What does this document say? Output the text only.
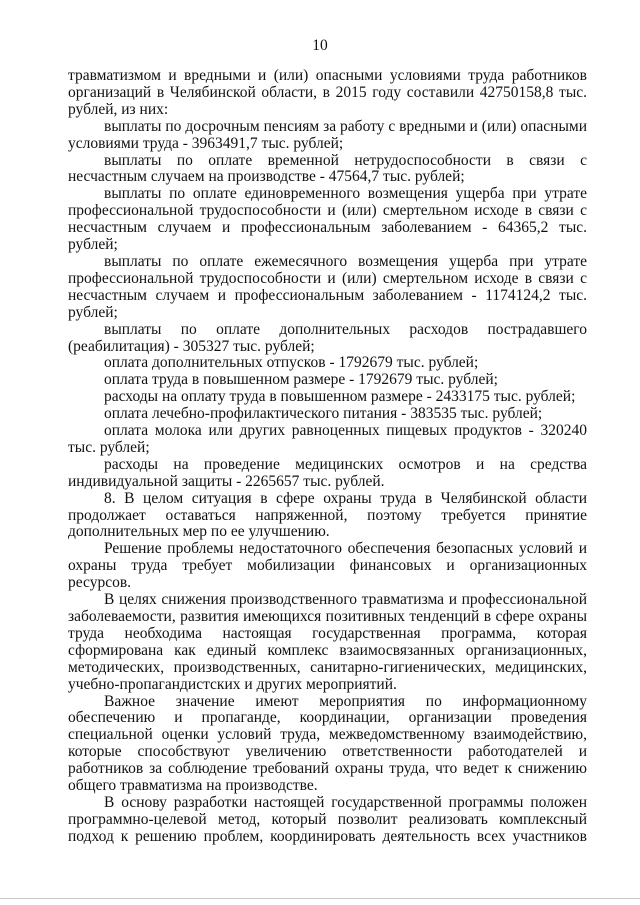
10

травматизмом и вредными и (или) опасными условиями труда работников организаций в Челябинской области, в 2015 году составили 42750158,8 тыс. рублей, из них:

выплаты по досрочным пенсиям за работу с вредными и (или) опасными условиями труда - 3963491,7 тыс. рублей;

выплаты по оплате временной нетрудоспособности в связи с несчастным случаем на производстве - 47564,7 тыс. рублей;

выплаты по оплате единовременного возмещения ущерба при утрате профессиональной трудоспособности и (или) смертельном исходе в связи с несчастным случаем и профессиональным заболеванием - 64365,2 тыс. рублей;

выплаты по оплате ежемесячного возмещения ущерба при утрате профессиональной трудоспособности и (или) смертельном исходе в связи с несчастным случаем и профессиональным заболеванием - 1174124,2 тыс. рублей;

выплаты по оплате дополнительных расходов пострадавшего (реабилитация) - 305327 тыс. рублей;

оплата дополнительных отпусков - 1792679 тыс. рублей;

оплата труда в повышенном размере - 1792679 тыс. рублей;

расходы на оплату труда в повышенном размере - 2433175 тыс. рублей;

оплата лечебно-профилактического питания - 383535 тыс. рублей;

оплата молока или других равноценных пищевых продуктов - 320240 тыс. рублей;

расходы на проведение медицинских осмотров и на средства индивидуальной защиты - 2265657 тыс. рублей.

8. В целом ситуация в сфере охраны труда в Челябинской области продолжает оставаться напряженной, поэтому требуется принятие дополнительных мер по ее улучшению.

Решение проблемы недостаточного обеспечения безопасных условий и охраны труда требует мобилизации финансовых и организационных ресурсов.

В целях снижения производственного травматизма и профессиональной заболеваемости, развития имеющихся позитивных тенденций в сфере охраны труда необходима настоящая государственная программа, которая сформирована как единый комплекс взаимосвязанных организационных, методических, производственных, санитарно-гигиенических, медицинских, учебно-пропагандистских и других мероприятий.

Важное значение имеют мероприятия по информационному обеспечению и пропаганде, координации, организации проведения специальной оценки условий труда, межведомственному взаимодействию, которые способствуют увеличению ответственности работодателей и работников за соблюдение требований охраны труда, что ведет к снижению общего травматизма на производстве.

В основу разработки настоящей государственной программы положен программно-целевой метод, который позволит реализовать комплексный подход к решению проблем, координировать деятельность всех участников
